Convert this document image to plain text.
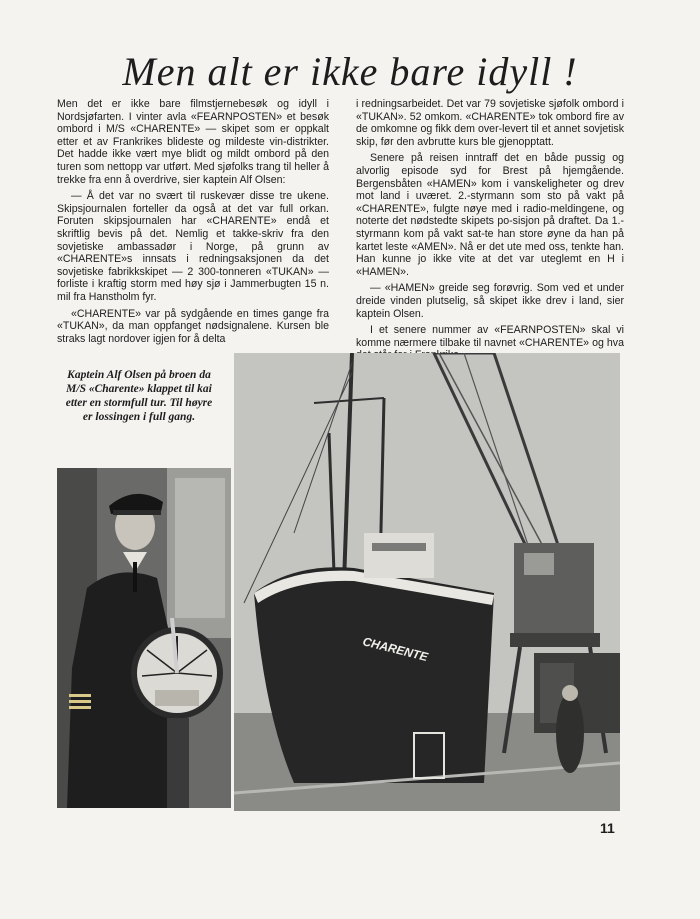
Men alt er ikke bare idyll !

Men det er ikke bare filmstjernebesøk og idyll i Nordsjøfarten. I vinter avla «FEARNPOSTEN» et besøk ombord i M/S «CHARENTE» — skipet som er oppkalt etter et av Frankrikes blideste og mildeste vin-distrikter. Det hadde ikke vært mye blidt og mildt ombord på den turen som nettopp var utført. Med sjøfolks trang til heller å trekke fra enn å overdrive, sier kaptein Alf Olsen:

— Å det var no svært til ruskevær disse tre ukene. Skipsjournalen forteller da også at det var full orkan. Foruten skipsjournalen har «CHARENTE» endå et skriftlig bevis på det. Nemlig et takke-skriv fra den sovjetiske ambassadør i Norge, på grunn av «CHARENTE»s innsats i redningsaksjonen da det sovjetiske fabrikkskipet — 2 300-tonneren «TUKAN» — forliste i kraftig storm med høy sjø i Jammerbugten 15 n. mil fra Hanstholm fyr.

«CHARENTE» var på sydgående en times gange fra «TUKAN», da man oppfanget nødsignalene. Kursen ble straks lagt nordover igjen for å delta

i redningsarbeidet. Det var 79 sovjetiske sjøfolk ombord i «TUKAN». 52 omkom. «CHARENTE» tok ombord fire av de omkomne og fikk dem over-levert til et annet sovjetisk skip, før den avbrutte kurs ble gjenopptatt.

Senere på reisen inntraff det en både pussig og alvorlig episode syd for Brest på hjemgående. Bergensbåten «HAMEN» kom i vanskeligheter og drev mot land i uværet. 2.-styrmann som sto på vakt på «CHARENTE», fulgte nøye med i radio-meldingene, og noterte det nødstedte skipets po-sisjon på draftet. Da 1.-styrmann kom på vakt sat-te han store øyne da han på kartet leste «AMEN». Nå er det ute med oss, tenkte han. Han kunne jo ikke vite at det var uteglemt en H i «HAMEN».

— «HAMEN» greide seg forøvrig. Som ved et under dreide vinden plutselig, så skipet ikke drev i land, sier kaptein Olsen.

I et senere nummer av «FEARNPOSTEN» skal vi komme nærmere tilbake til navnet «CHARENTE» og hva

Kaptein Alf Olsen på broen da M/S «Charente» klappet til kai etter en stormfull tur. Til høyre er lossingen i full gang.
CHARENTE
11
